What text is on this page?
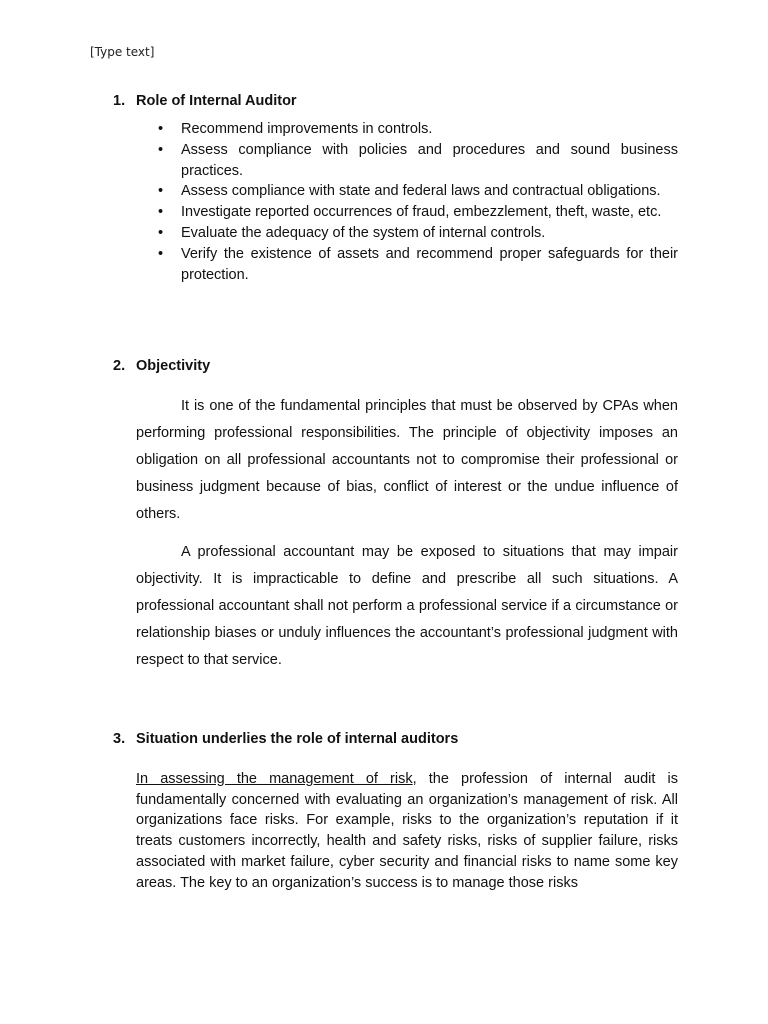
[Type text]
1. Role of Internal Auditor
• Recommend improvements in controls.
• Assess compliance with policies and procedures and sound business practices.
• Assess compliance with state and federal laws and contractual obligations.
• Investigate reported occurrences of fraud, embezzlement, theft, waste, etc.
• Evaluate the adequacy of the system of internal controls.
• Verify the existence of assets and recommend proper safeguards for their protection.
2. Objectivity

It is one of the fundamental principles that must be observed by CPAs when performing professional responsibilities. The principle of objectivity imposes an obligation on all professional accountants not to compromise their professional or business judgment because of bias, conflict of interest or the undue influence of others.

A professional accountant may be exposed to situations that may impair objectivity. It is impracticable to define and prescribe all such situations. A professional accountant shall not perform a professional service if a circumstance or relationship biases or unduly influences the accountant’s professional judgment with respect to that service.

3. Situation underlies the role of internal auditors

In assessing the management of risk, the profession of internal audit is fundamentally concerned with evaluating an organization’s management of risk. All organizations face risks. For example, risks to the organization’s reputation if it treats customers incorrectly, health and safety risks, risks of supplier failure, risks associated with market failure, cyber security and financial risks to name some key areas. The key to an organization’s success is to manage those risks
